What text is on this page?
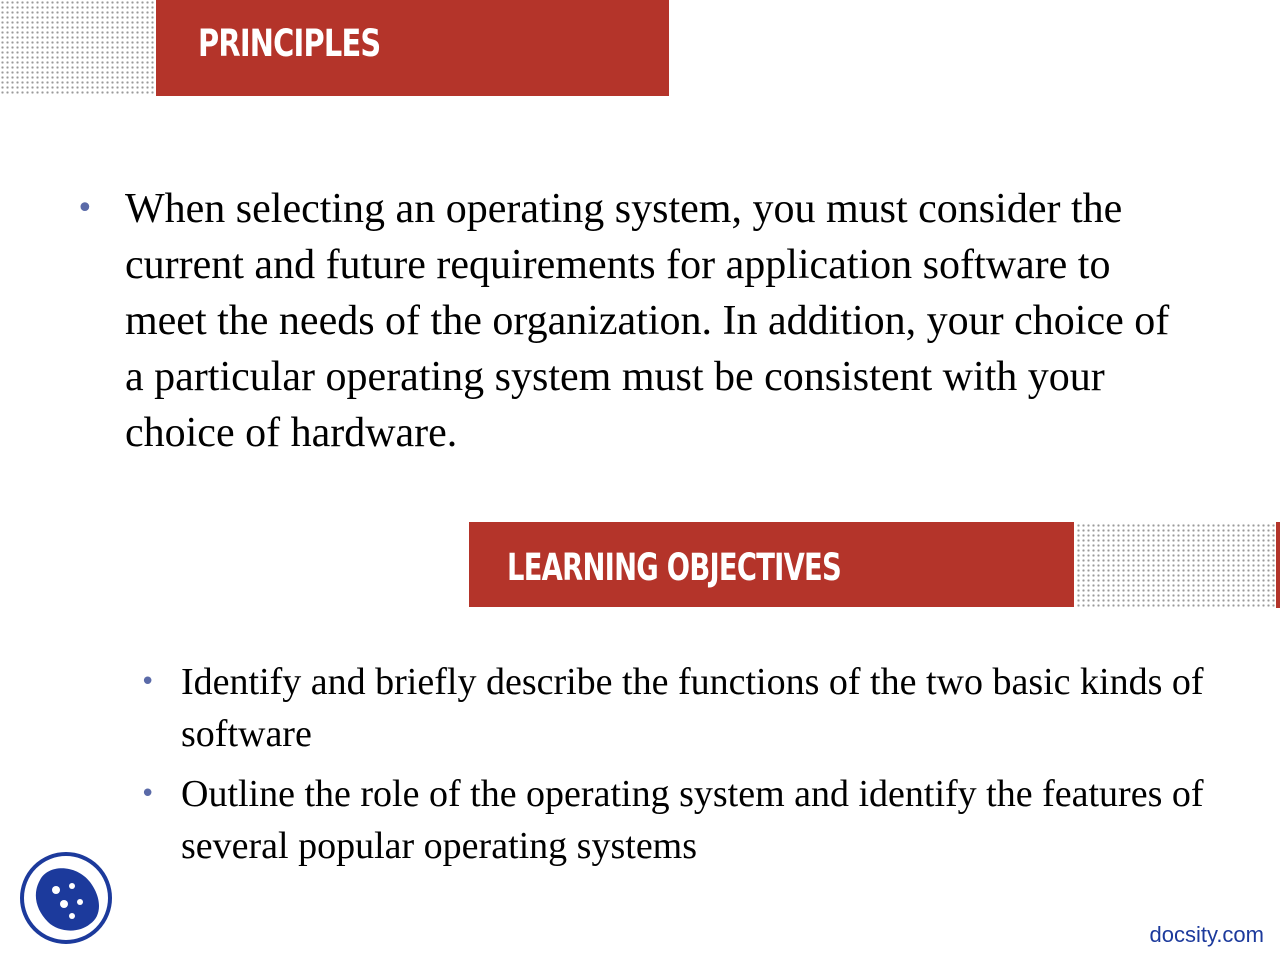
PRINCIPLES
• When selecting an operating system, you must consider the current and future requirements for application software to meet the needs of the organization. In addition, your choice of a particular operating system must be consistent with your choice of hardware.
LEARNING OBJECTIVES
• Identify and briefly describe the functions of the two basic kinds of software
• Outline the role of the operating system and identify the features of several popular operating systems
docsity.com
